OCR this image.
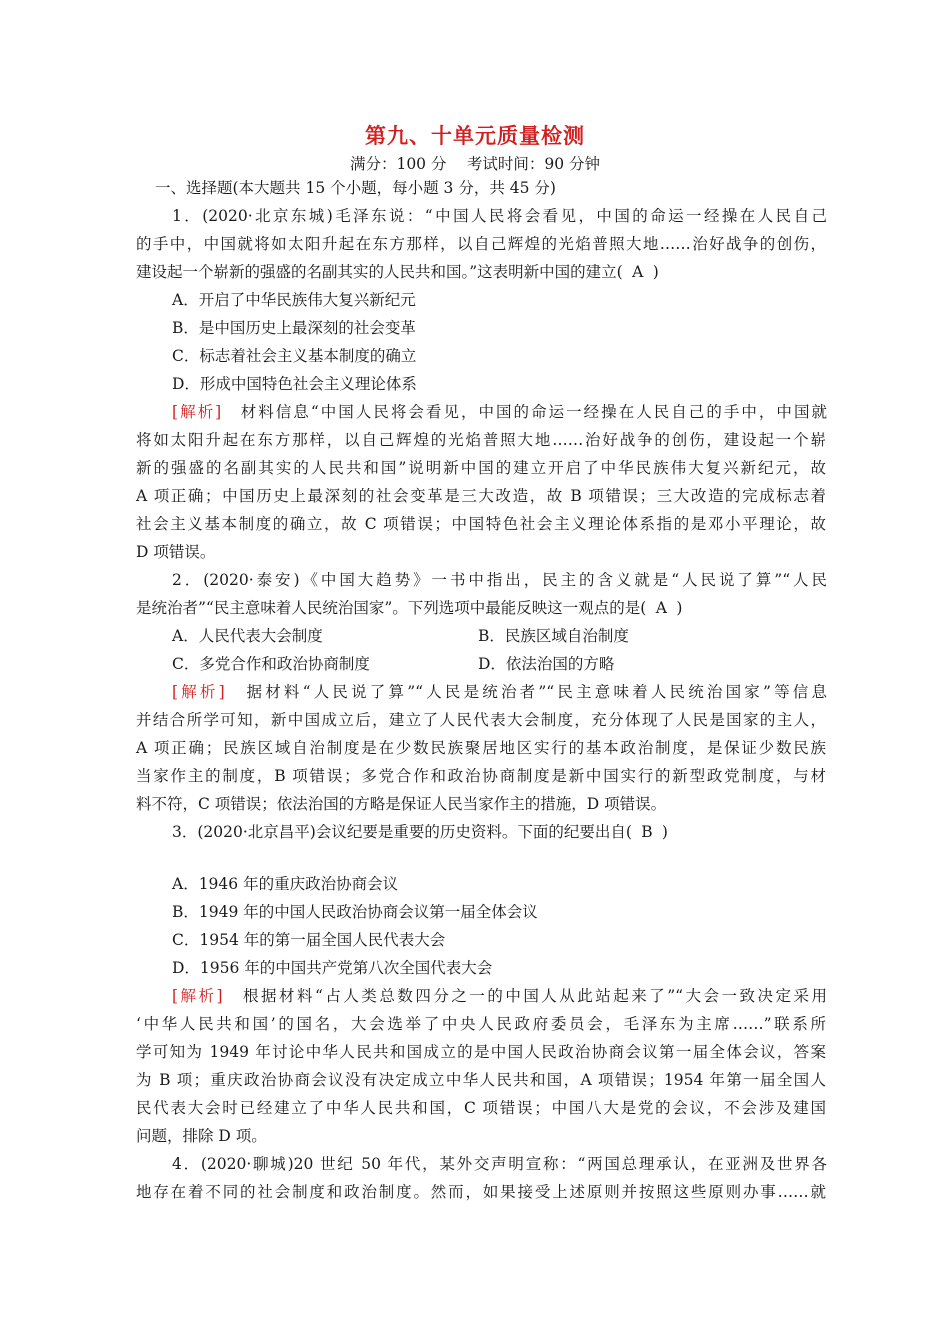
第九、十单元质量检测
满分：100 分　 考试时间：90 分钟
一、选择题(本大题共 15 个小题，每小题 3 分，共 45 分)
1．(2020·北京东城)毛泽东说：“中国人民将会看见，中国的命运一经操在人民自己
的手中，中国就将如太阳升起在东方那样，以自己辉煌的光焰普照大地……治好战争的创伤，
建设起一个崭新的强盛的名副其实的人民共和国。”这表明新中国的建立( A )
A．开启了中华民族伟大复兴新纪元
B．是中国历史上最深刻的社会变革
C．标志着社会主义基本制度的确立
D．形成中国特色社会主义理论体系
[解析]　材料信息“中国人民将会看见，中国的命运一经操在人民自己的手中，中国就
将如太阳升起在东方那样，以自己辉煌的光焰普照大地……治好战争的创伤，建设起一个崭
新的强盛的名副其实的人民共和国”说明新中国的建立开启了中华民族伟大复兴新纪元，故
A 项正确；中国历史上最深刻的社会变革是三大改造，故 B 项错误；三大改造的完成标志着
社会主义基本制度的确立，故 C 项错误；中国特色社会主义理论体系指的是邓小平理论，故
D 项错误。
2．(2020·泰安)《中国大趋势》一书中指出，民主的含义就是“人民说了算”“人民
是统治者”“民主意味着人民统治国家”。下列选项中最能反映这一观点的是( A )
A．人民代表大会制度	B．民族区域自治制度
C．多党合作和政治协商制度	D．依法治国的方略
[解析]　据材料“人民说了算”“人民是统治者”“民主意味着人民统治国家”等信息
并结合所学可知，新中国成立后，建立了人民代表大会制度，充分体现了人民是国家的主人，
A 项正确；民族区域自治制度是在少数民族聚居地区实行的基本政治制度，是保证少数民族
当家作主的制度，B 项错误；多党合作和政治协商制度是新中国实行的新型政党制度，与材
料不符，C 项错误；依法治国的方略是保证人民当家作主的措施，D 项错误。
3．(2020·北京昌平)会议纪要是重要的历史资料。下面的纪要出自( B )
A．1946 年的重庆政治协商会议
B．1949 年的中国人民政治协商会议第一届全体会议
C．1954 年的第一届全国人民代表大会
D．1956 年的中国共产党第八次全国代表大会
[解析]　根据材料“占人类总数四分之一的中国人从此站起来了”“大会一致决定采用
‘中华人民共和国’的国名，大会选举了中央人民政府委员会，毛泽东为主席……”联系所
学可知为 1949 年讨论中华人民共和国成立的是中国人民政治协商会议第一届全体会议，答案
为 B 项；重庆政治协商会议没有决定成立中华人民共和国，A 项错误；1954 年第一届全国人
民代表大会时已经建立了中华人民共和国，C 项错误；中国八大是党的会议，不会涉及建国
问题，排除 D 项。
4．(2020·聊城)20 世纪 50 年代，某外交声明宣称：“两国总理承认，在亚洲及世界各
地存在着不同的社会制度和政治制度。然而，如果接受上述原则并按照这些原则办事……就
